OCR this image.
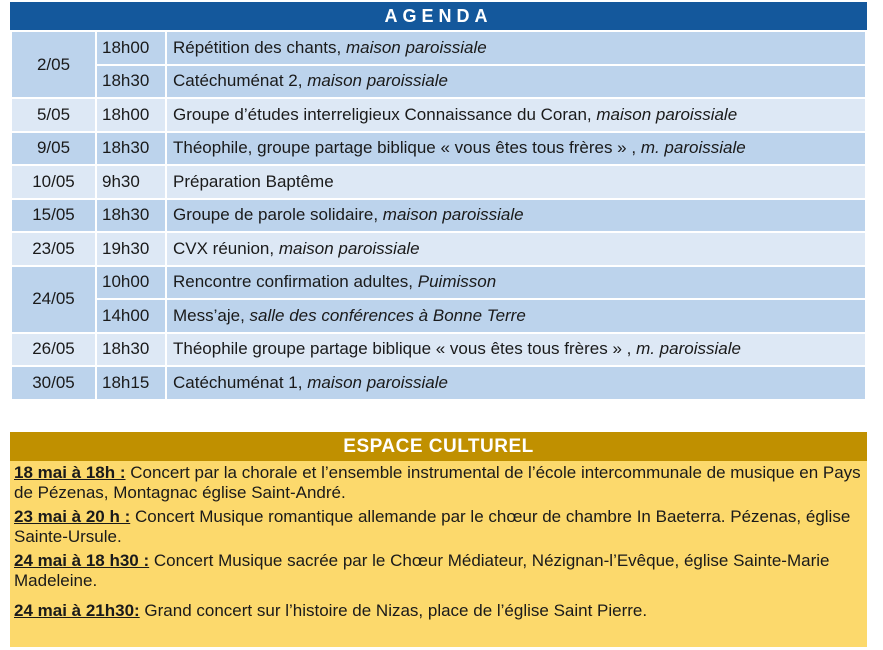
AGENDA
2/05	18h00	Répétition des chants, maison paroissiale
	18h30	Catéchuménat 2, maison paroissiale
5/05	18h00	Groupe d’études interreligieux Connaissance du Coran, maison paroissiale
9/05	18h30	Théophile, groupe partage biblique « vous êtes tous frères » , m. paroissiale
10/05	9h30	Préparation Baptême
15/05	18h30	Groupe de parole solidaire, maison paroissiale
23/05	19h30	CVX réunion, maison paroissiale
24/05	10h00	Rencontre confirmation adultes, Puimisson
	14h00	Mess’aje, salle des conférences à Bonne Terre
26/05	18h30	Théophile groupe partage biblique « vous êtes tous frères » , m. paroissiale
30/05	18h15	Catéchuménat 1, maison paroissiale
ESPACE CULTUREL

18 mai à 18h : Concert par la chorale et l’ensemble instrumental de l’école intercommunale de musique en Pays de Pézenas, Montagnac église Saint-André.

23 mai à 20 h : Concert Musique romantique allemande par le chœur de chambre In Baeterra. Pézenas, église Sainte-Ursule.

24 mai à 18 h30 : Concert Musique sacrée par le Chœur Médiateur, Nézignan-l’Evêque, église Sainte-Marie Madeleine.

24 mai à 21h30: Grand concert sur l’histoire de Nizas, place de l’église Saint Pierre.
